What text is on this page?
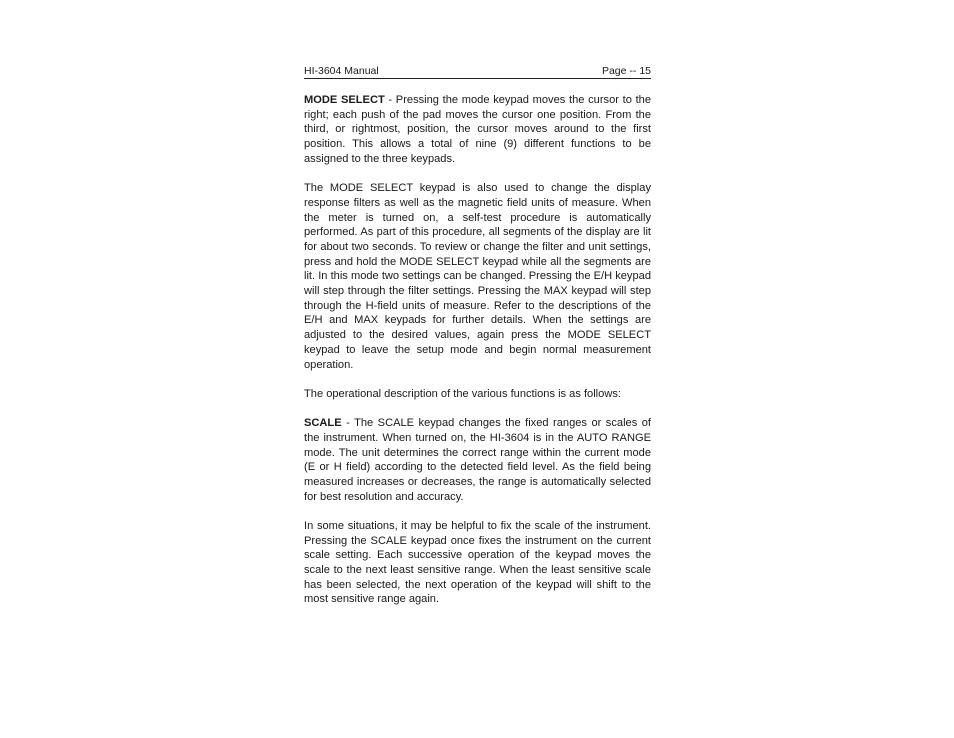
HI-3604 Manual	Page -- 15

MODE SELECT - Pressing the mode keypad moves the cursor to the right; each push of the pad moves the cursor one position. From the third, or rightmost, position, the cursor moves around to the first position. This allows a total of nine (9) different functions to be assigned to the three keypads.

The MODE SELECT keypad is also used to change the display response filters as well as the magnetic field units of measure. When the meter is turned on, a self-test procedure is automatically performed. As part of this procedure, all segments of the display are lit for about two seconds. To review or change the filter and unit settings, press and hold the MODE SELECT keypad while all the segments are lit. In this mode two settings can be changed. Pressing the E/H keypad will step through the filter settings. Pressing the MAX keypad will step through the H-field units of measure. Refer to the descriptions of the E/H and MAX keypads for further details. When the settings are adjusted to the desired values, again press the MODE SELECT keypad to leave the setup mode and begin normal measurement operation.

The operational description of the various functions is as follows:

SCALE - The SCALE keypad changes the fixed ranges or scales of the instrument. When turned on, the HI-3604 is in the AUTO RANGE mode. The unit determines the correct range within the current mode (E or H field) according to the detected field level. As the field being measured increases or decreases, the range is automatically selected for best resolution and accuracy.

In some situations, it may be helpful to fix the scale of the instrument. Pressing the SCALE keypad once fixes the instrument on the current scale setting. Each successive operation of the keypad moves the scale to the next least sensitive range. When the least sensitive scale has been selected, the next operation of the keypad will shift to the most sensitive range again.
